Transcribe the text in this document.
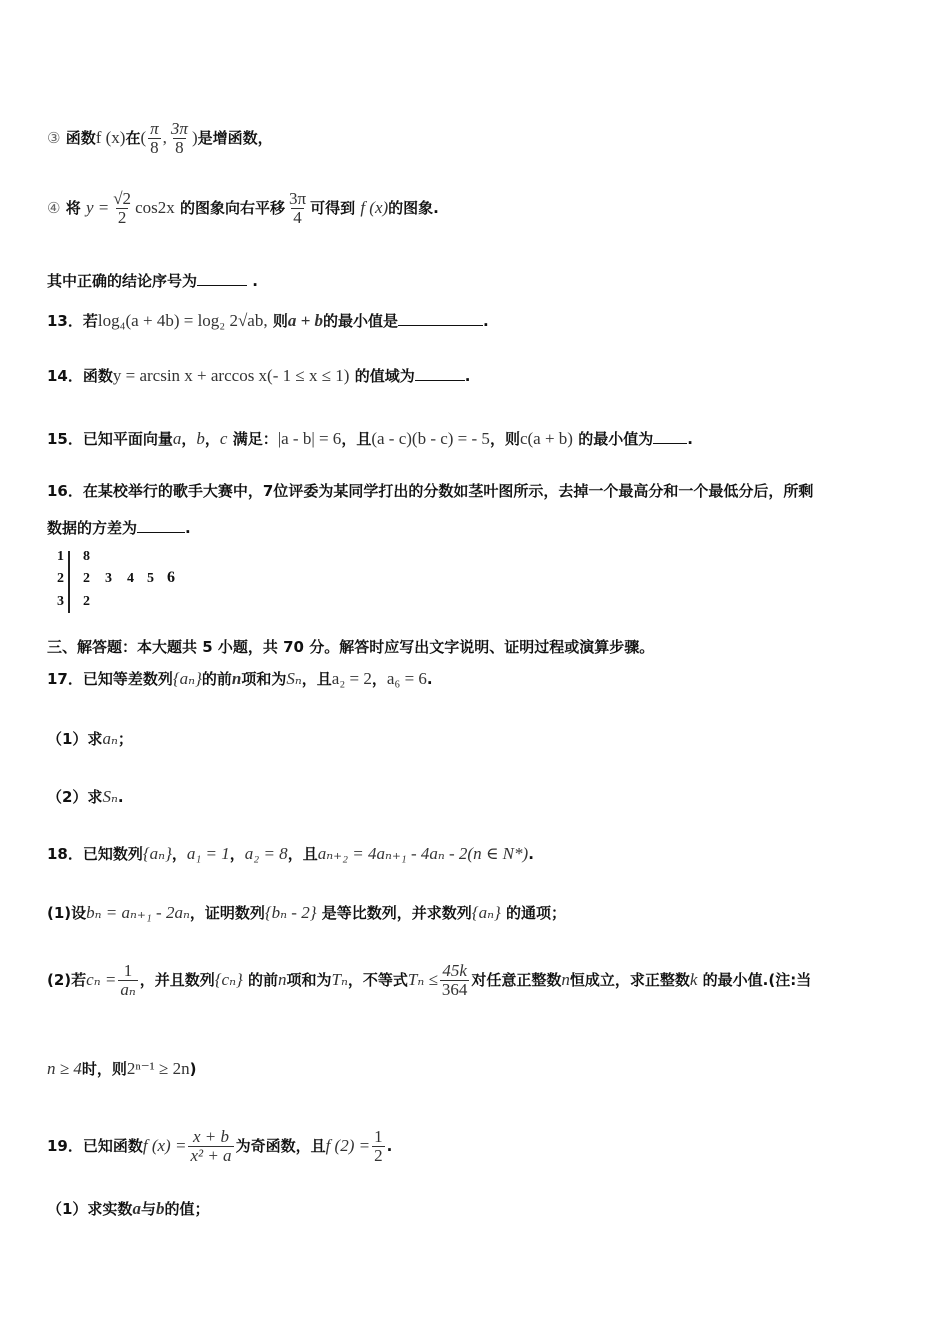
③ 函数f (x)在( $\frac{\pi}{8}$ , $\frac{3\pi}{8}$ )是增函数，
④ 将 $y = \frac{√2}{2} \cos 2x$ 的图象向右平移 $\frac{3\pi}{4}$ 可得到 f (x)的图象.
其中正确的结论序号为	.
13．若log₄(a + 4b) = log₂ 2√ab, 则a + b的最小值是	.
14．函数y = arcsin x + arccos x(- 1 ≤ x ≤ 1) 的值域为	.
15．已知平面向量a，b，c 满足：|a - b| = 6，且(a - c)(b - c) = - 5，则c(a + b) 的最小值为 .
16．在某校举行的歌手大赛中，7位评委为某同学打出的分数如茎叶图所示，去掉一个最高分和一个最低分后，所剩
数据的方差为	.
1 8
2 2 3 4 5 6
3 2
三、解答题：本大题共 5 小题，共 70 分。解答时应写出文字说明、证明过程或演算步骤。
17．已知等差数列{aₙ}的前n项和为Sₙ，且a₂ = 2，a₆ = 6.
（1）求aₙ；
（2）求Sₙ.
18．已知数列{aₙ}，a₁ = 1，a₂ = 8，且aₙ₊₂ = 4aₙ₊₁ - 4aₙ - 2(n ∈ N*).
(1)设bₙ = aₙ₊₁ - 2aₙ，证明数列{bₙ - 2} 是等比数列，并求数列{aₙ} 的通项；
(2)若$c_n = \frac{1}{\text{aₙ}}$ ，并且数列{cₙ} 的前n项和为Tₙ，不等式$T_n \le \frac{45k}{364}$ 对任意正整数n恒成立，求正整数k 的最小值.(注:当
n ≥ 4时，则2ⁿ⁻¹ ≥ 2n)
19．已知函数f $(x) = \frac{x + b}{\text{x² + a}}$ 为奇函数，且f $(2) = \frac{1}{2}$ .
（1）求实数a与b的值；
